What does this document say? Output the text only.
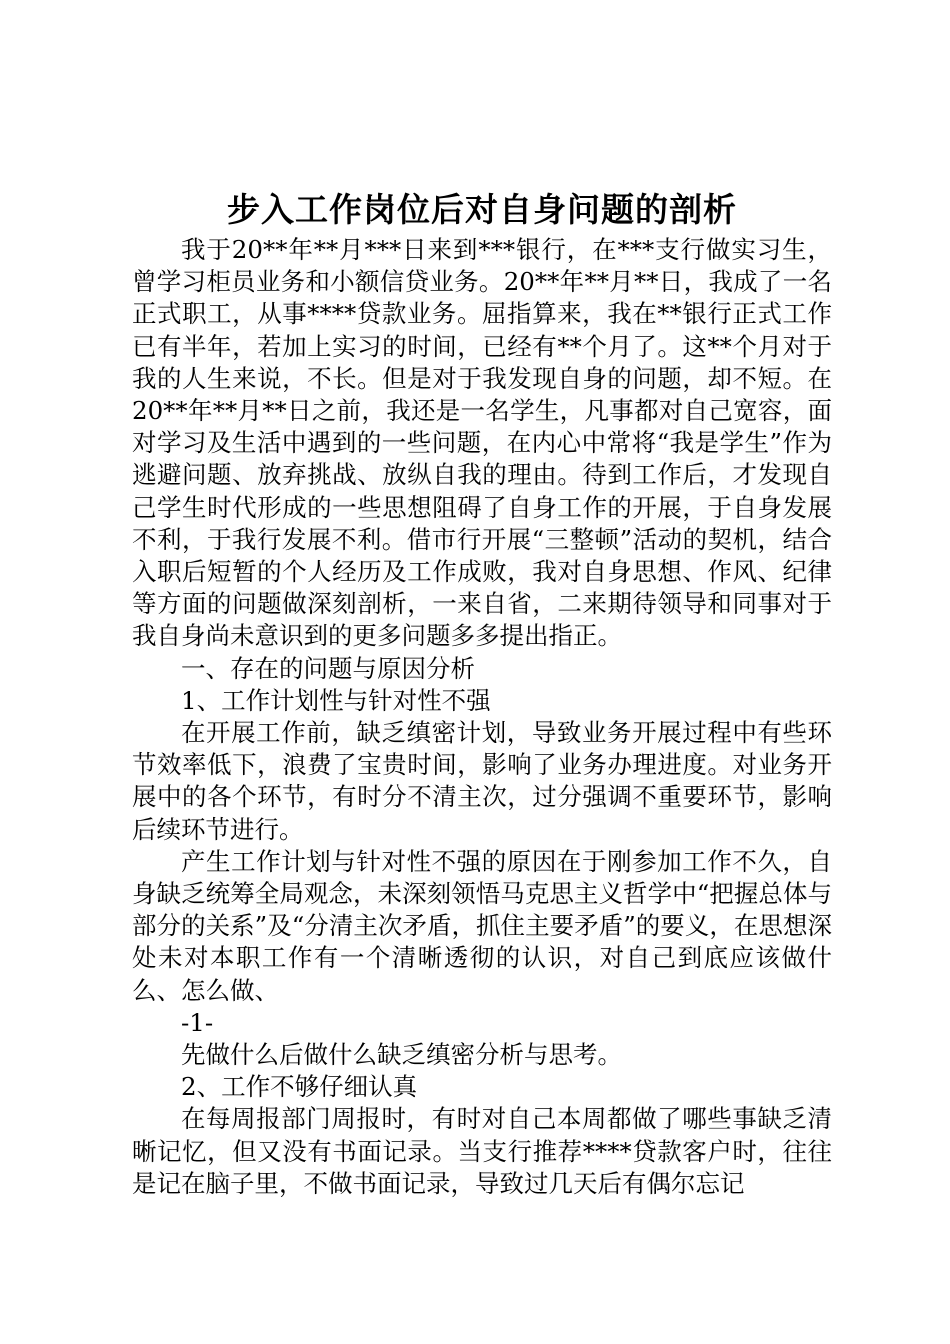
步入工作岗位后对自身问题的剖析

我于20**年**月***日来到***银行，在***支行做实习生，曾学习柜员业务和小额信贷业务。20**年**月**日，我成了一名正式职工，从事****贷款业务。屈指算来，我在**银行正式工作已有半年，若加上实习的时间，已经有**个月了。这**个月对于我的人生来说，不长。但是对于我发现自身的问题，却不短。在20**年**月**日之前，我还是一名学生，凡事都对自己宽容，面对学习及生活中遇到的一些问题，在内心中常将“我是学生”作为逃避问题、放弃挑战、放纵自我的理由。待到工作后，才发现自己学生时代形成的一些思想阻碍了自身工作的开展，于自身发展不利，于我行发展不利。借市行开展“三整顿”活动的契机，结合入职后短暂的个人经历及工作成败，我对自身思想、作风、纪律等方面的问题做深刻剖析，一来自省，二来期待领导和同事对于我自身尚未意识到的更多问题多多提出指正。

一、存在的问题与原因分析

1、工作计划性与针对性不强

在开展工作前，缺乏缜密计划，导致业务开展过程中有些环节效率低下，浪费了宝贵时间，影响了业务办理进度。对业务开展中的各个环节，有时分不清主次，过分强调不重要环节，影响后续环节进行。

产生工作计划与针对性不强的原因在于刚参加工作不久，自身缺乏统筹全局观念，未深刻领悟马克思主义哲学中“把握总体与部分的关系”及“分清主次矛盾，抓住主要矛盾”的要义，在思想深处未对本职工作有一个清晰透彻的认识，对自己到底应该做什么、怎么做、

-1-

先做什么后做什么缺乏缜密分析与思考。

2、工作不够仔细认真

在每周报部门周报时，有时对自己本周都做了哪些事缺乏清晰记忆，但又没有书面记录。当支行推荐****贷款客户时，往往是记在脑子里，不做书面记录，导致过几天后有偶尔忘记
